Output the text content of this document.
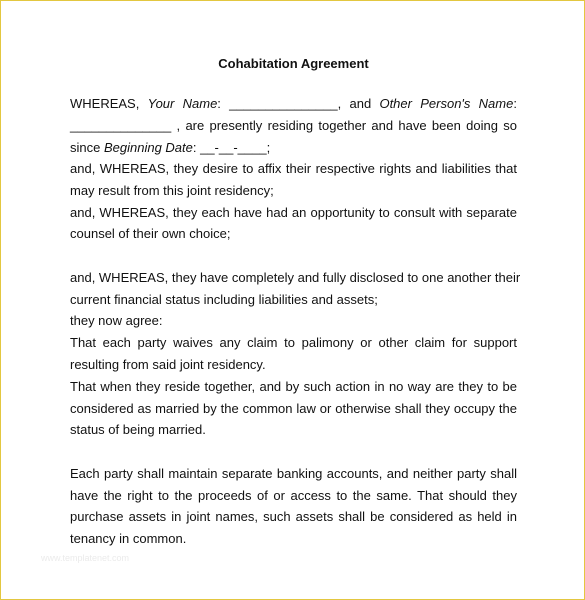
Cohabitation Agreement
WHEREAS, Your Name: _______________, and Other Person's Name:
______________ , are presently residing together and have been doing so
since Beginning Date: __-__-____;
and, WHEREAS, they desire to affix their respective rights and liabilities that
may result from this joint residency;
and, WHEREAS, they each have had an opportunity to consult with separate
counsel of their own choice;
and, WHEREAS, they have completely and fully disclosed to one another their
current financial status including liabilities and assets;
they now agree:
That each party waives any claim to palimony or other claim for support
resulting from said joint residency.
That when they reside together, and by such action in no way are they to be
considered as married by the common law or otherwise shall they occupy the
status of being married.
Each party shall maintain separate banking accounts, and neither party shall
have the right to the proceeds of or access to the same. That should they
purchase assets in joint names, such assets shall be considered as held in
tenancy in common.
www.templatenet.com
